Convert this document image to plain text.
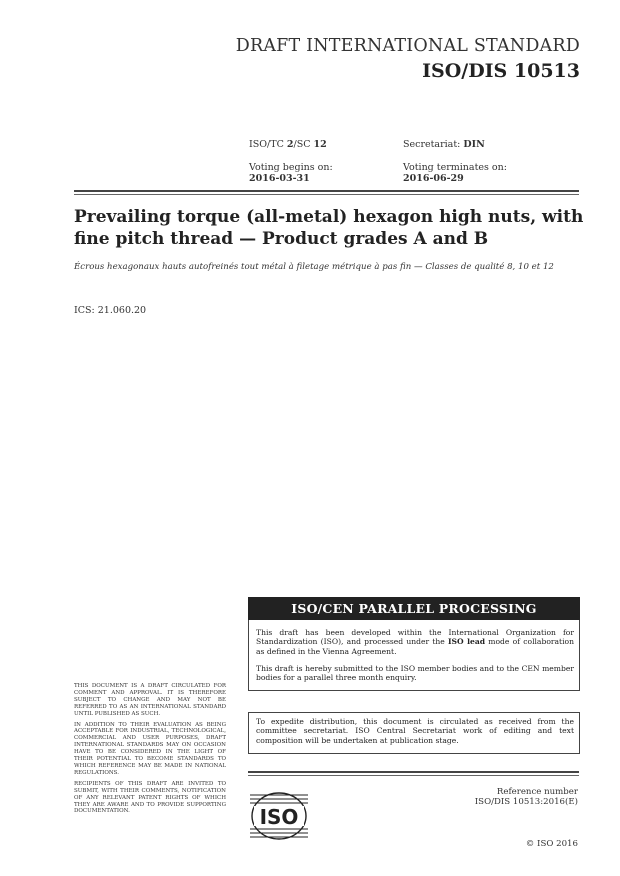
DRAFT INTERNATIONAL STANDARD
ISO/DIS 10513
ISO/TC 2/SC 12	Secretariat: DIN
Voting begins on:
2016-03-31
Voting terminates on:
2016-06-29
Prevailing torque (all-metal) hexagon high nuts, with fine pitch thread — Product grades A and B
Écrous hexagonaux hauts autofreinés tout métal à filetage métrique à pas fin — Classes de qualité 8, 10 et 12
ICS: 21.060.20
ISO/CEN PARALLEL PROCESSING
This draft has been developed within the International Organization for Standardization (ISO), and processed under the ISO lead mode of collaboration as defined in the Vienna Agreement.
This draft is hereby submitted to the ISO member bodies and to the CEN member bodies for a parallel three month enquiry.
To expedite distribution, this document is circulated as received from the committee secretariat. ISO Central Secretariat work of editing and text composition will be undertaken at publication stage.

THIS DOCUMENT IS A DRAFT CIRCULATED FOR COMMENT AND APPROVAL. IT IS THEREFORE SUBJECT TO CHANGE AND MAY NOT BE REFERRED TO AS AN INTERNATIONAL STANDARD UNTIL PUBLISHED AS SUCH.

IN ADDITION TO THEIR EVALUATION AS BEING ACCEPTABLE FOR INDUSTRIAL, TECHNOLOGICAL, COMMERCIAL AND USER PURPOSES, DRAFT INTERNATIONAL STANDARDS MAY ON OCCASION HAVE TO BE CONSIDERED IN THE LIGHT OF THEIR POTENTIAL TO BECOME STANDARDS TO WHICH REFERENCE MAY BE MADE IN NATIONAL REGULATIONS.

RECIPIENTS OF THIS DRAFT ARE INVITED TO SUBMIT, WITH THEIR COMMENTS, NOTIFICATION OF ANY RELEVANT PATENT RIGHTS OF WHICH THEY ARE AWARE AND TO PROVIDE SUPPORTING DOCUMENTATION.	ISO
Reference number
ISO/DIS 10513:2016(E)
© ISO 2016
